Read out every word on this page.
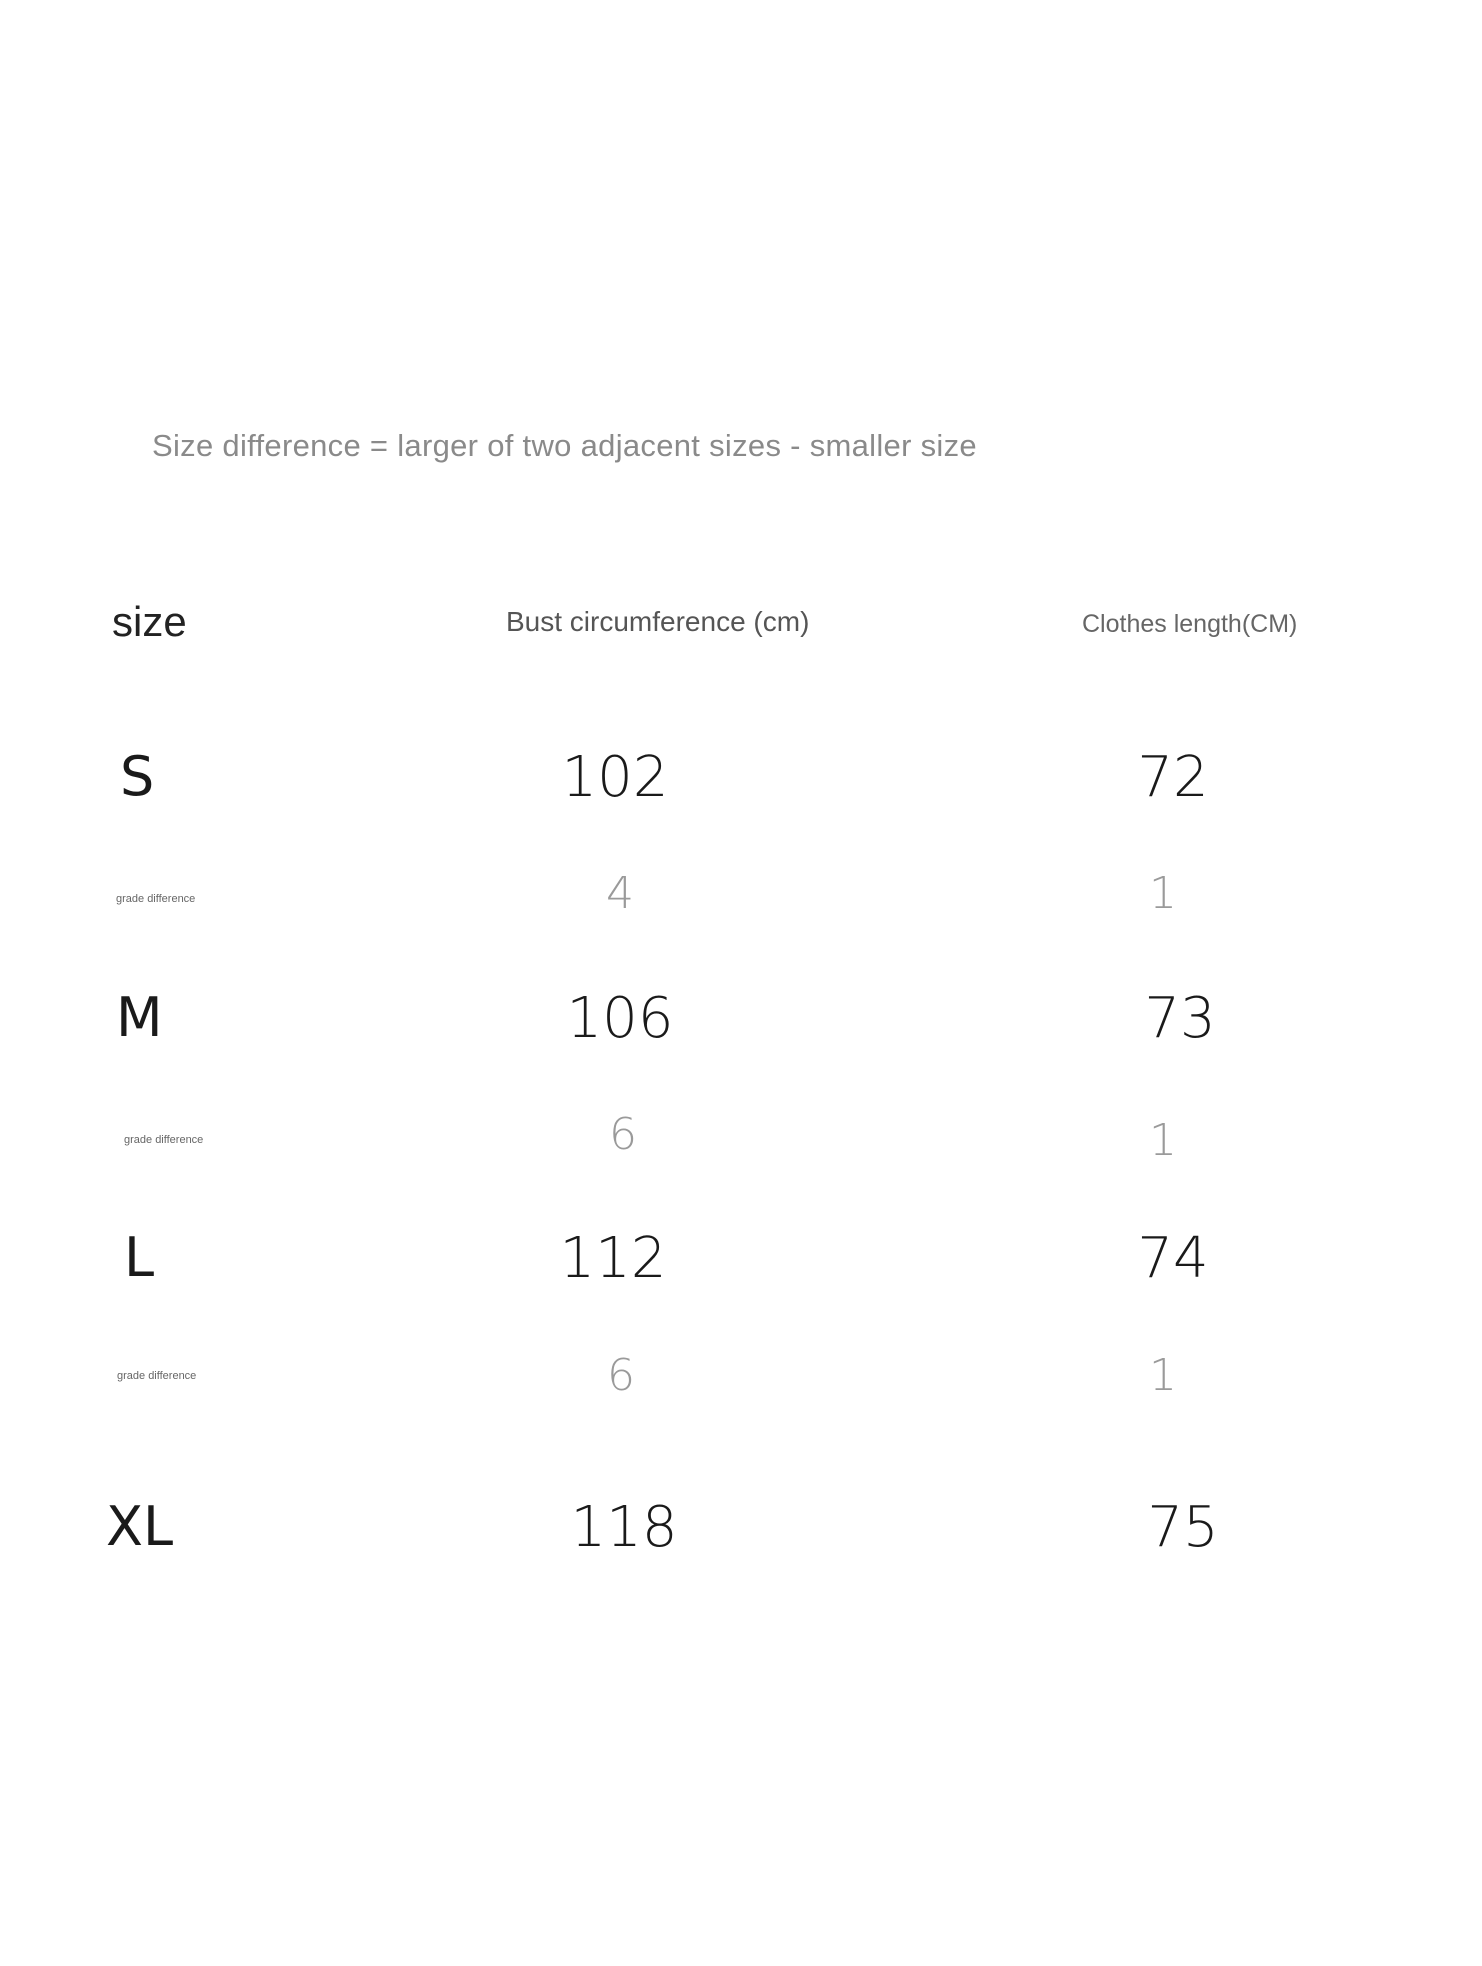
Size difference = larger of two adjacent sizes - smaller size
size	Bust circumference (cm)	Clothes length(CM)
S	102	72
grade difference	4	1
M	106	73
grade difference	6	1
L	112	74
grade difference	6	1
XL	118	75
